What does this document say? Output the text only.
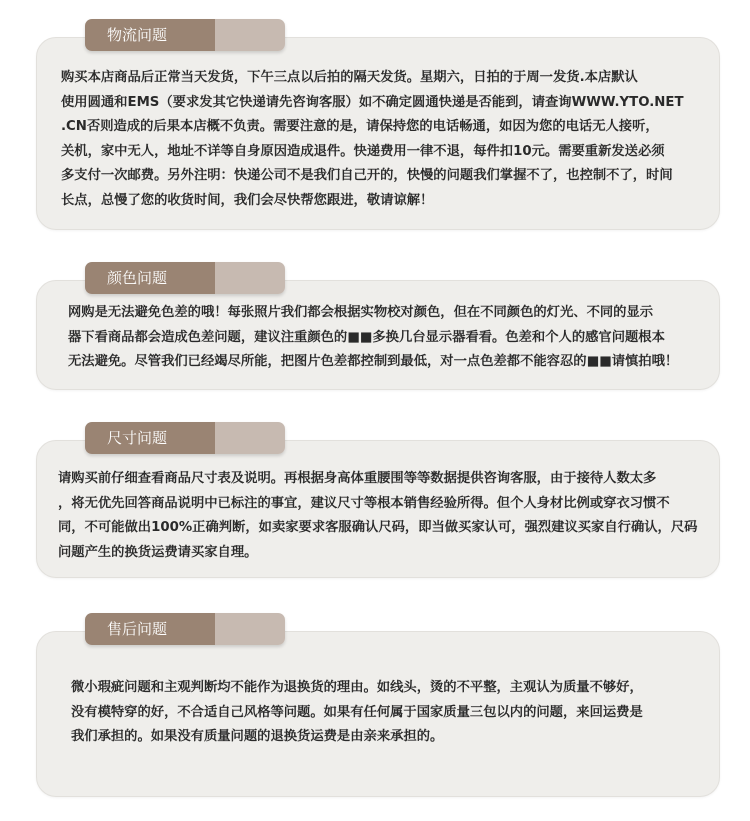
物流问题

购买本店商品后正常当天发货，下午三点以后拍的隔天发货。星期六，日拍的于周一发货.本店默认

使用圆通和EMS（要求发其它快递请先咨询客服）如不确定圆通快递是否能到，请查询WWW.YTO.NET

.CN否则造成的后果本店概不负责。需要注意的是，请保持您的电话畅通，如因为您的电话无人接听，

关机，家中无人，地址不详等自身原因造成退件。快递费用一律不退，每件扣10元。需要重新发送必须

多支付一次邮费。另外注明：快递公司不是我们自己开的，快慢的问题我们掌握不了，也控制不了，时间

长点，总慢了您的收货时间，我们会尽快帮您跟进，敬请谅解！

颜色问题

网购是无法避免色差的哦！每张照片我们都会根据实物校对颜色，但在不同颜色的灯光、不同的显示

器下看商品都会造成色差问题，建议注重颜色的■■多换几台显示器看看。色差和个人的感官问题根本

无法避免。尽管我们已经竭尽所能，把图片色差都控制到最低，对一点色差都不能容忍的■■请慎拍哦！

尺寸问题

请购买前仔细查看商品尺寸表及说明。再根据身高体重腰围等等数据提供咨询客服，由于接待人数太多

，将无优先回答商品说明中已标注的事宜，建议尺寸等根本销售经验所得。但个人身材比例或穿衣习惯不

同，不可能做出100%正确判断，如卖家要求客服确认尺码，即当做买家认可，强烈建议买家自行确认，尺码

问题产生的换货运费请买家自理。

售后问题

微小瑕疵问题和主观判断均不能作为退换货的理由。如线头，烫的不平整，主观认为质量不够好，

没有模特穿的好，不合适自己风格等问题。如果有任何属于国家质量三包以内的问题，来回运费是

我们承担的。如果没有质量问题的退换货运费是由亲来承担的。
